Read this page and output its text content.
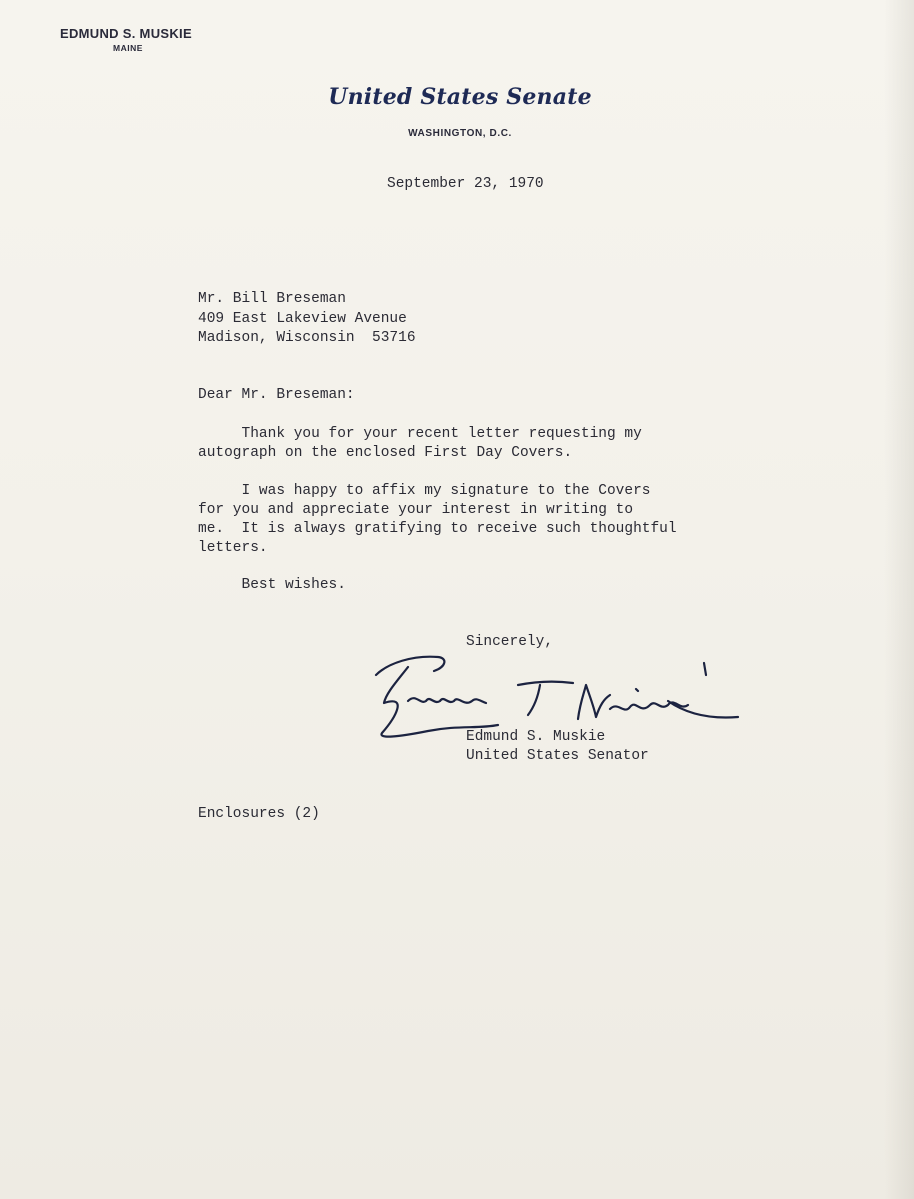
EDMUND S. MUSKIE
MAINE
United States Senate
WASHINGTON, D.C.
September 23, 1970
Mr. Bill Breseman
409 East Lakeview Avenue
Madison, Wisconsin  53716
Dear Mr. Breseman:
Thank you for your recent letter requesting my
autograph on the enclosed First Day Covers.
I was happy to affix my signature to the Covers
for you and appreciate your interest in writing to
me.  It is always gratifying to receive such thoughtful
letters.
Best wishes.
Sincerely,
Edmund S. Muskie
United States Senator
Enclosures (2)
